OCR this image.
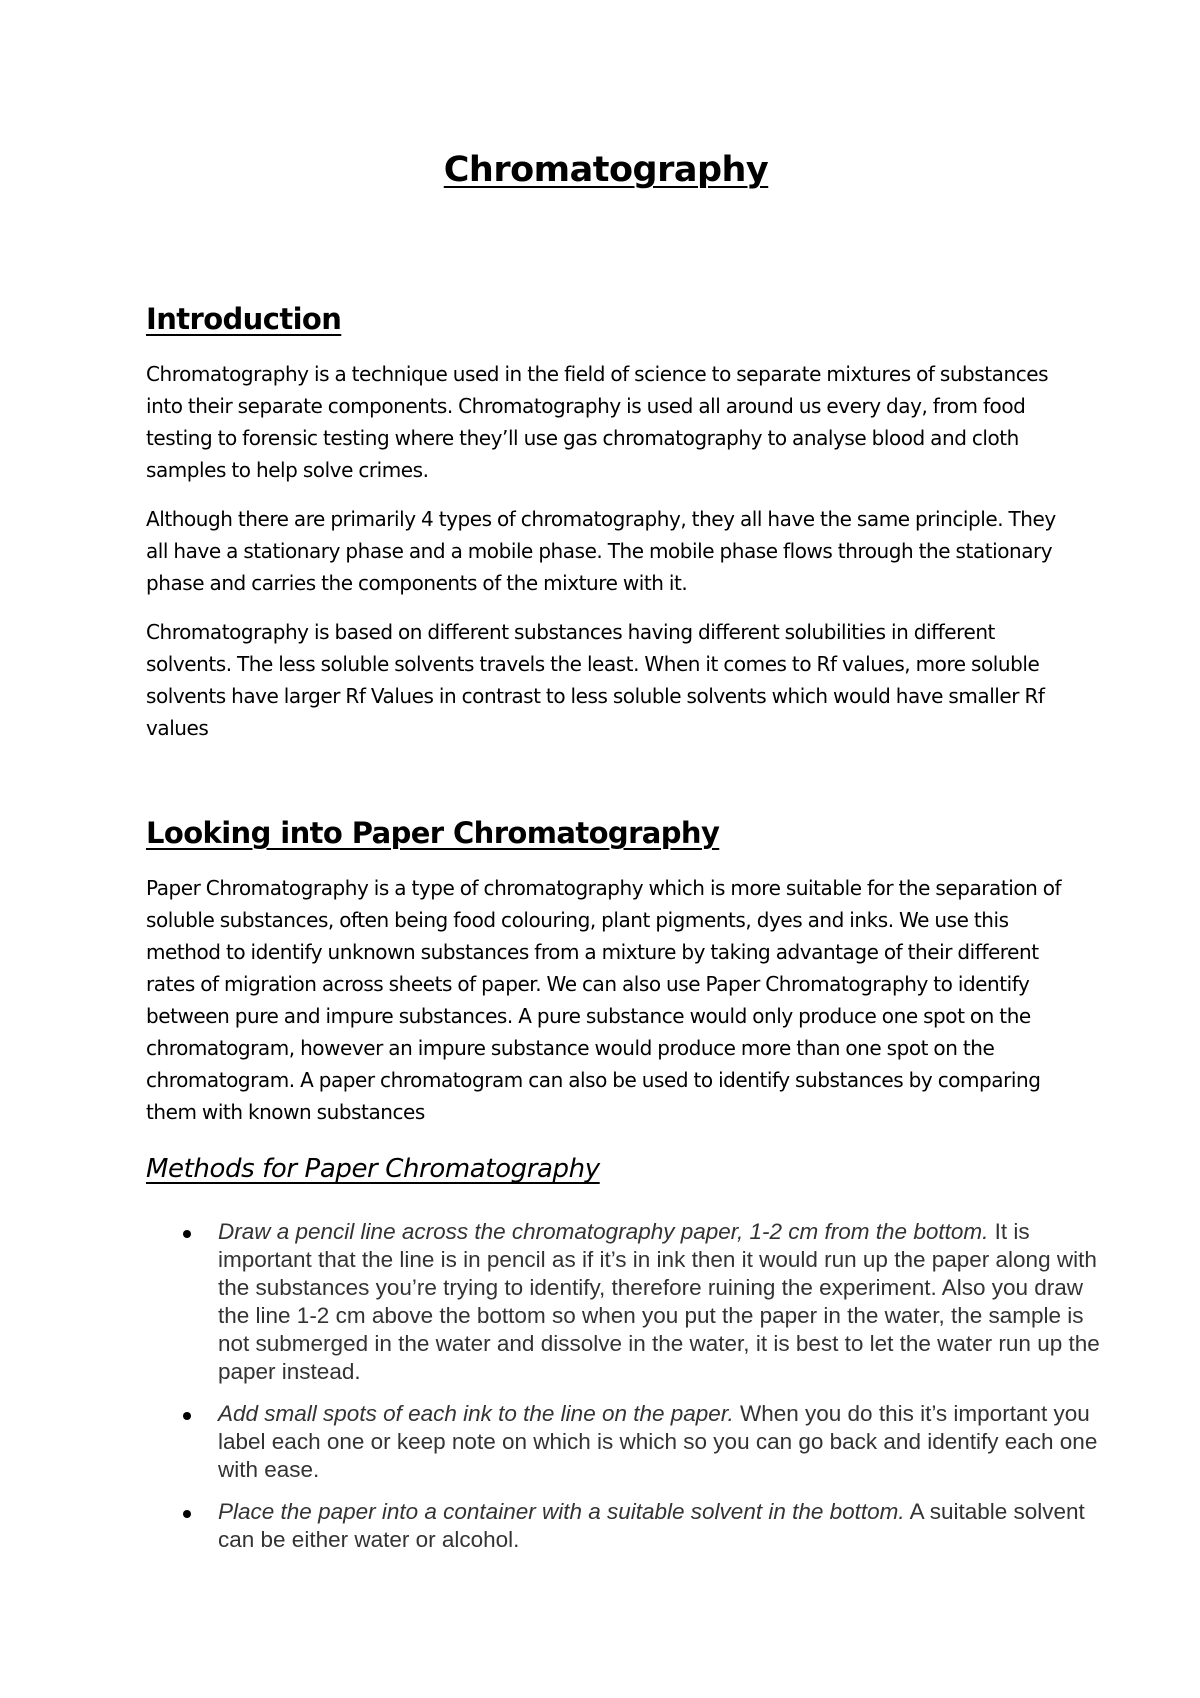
Chromatography
Introduction

Chromatography is a technique used in the field of science to separate mixtures of substances into their separate components. Chromatography is used all around us every day, from food testing to forensic testing where they’ll use gas chromatography to analyse blood and cloth samples to help solve crimes.

Although there are primarily 4 types of chromatography, they all have the same principle. They all have a stationary phase and a mobile phase. The mobile phase flows through the stationary phase and carries the components of the mixture with it.

Chromatography is based on different substances having different solubilities in different solvents. The less soluble solvents travels the least. When it comes to Rf values, more soluble solvents have larger Rf Values in contrast to less soluble solvents which would have smaller Rf values

Looking into Paper Chromatography

Paper Chromatography is a type of chromatography which is more suitable for the separation of soluble substances, often being food colouring, plant pigments, dyes and inks. We use this method to identify unknown substances from a mixture by taking advantage of their different rates of migration across sheets of paper. We can also use Paper Chromatography to identify between pure and impure substances. A pure substance would only produce one spot on the chromatogram, however an impure substance would produce more than one spot on the chromatogram. A paper chromatogram can also be used to identify substances by comparing them with known substances

Methods for Paper Chromatography
Draw a pencil line across the chromatography paper, 1-2 cm from the bottom. It is important that the line is in pencil as if it’s in ink then it would run up the paper along with the substances you’re trying to identify, therefore ruining the experiment. Also you draw the line 1-2 cm above the bottom so when you put the paper in the water, the sample is not submerged in the water and dissolve in the water, it is best to let the water run up the paper instead.
Add small spots of each ink to the line on the paper. When you do this it’s important you label each one or keep note on which is which so you can go back and identify each one with ease.
Place the paper into a container with a suitable solvent in the bottom. A suitable solvent can be either water or alcohol.
